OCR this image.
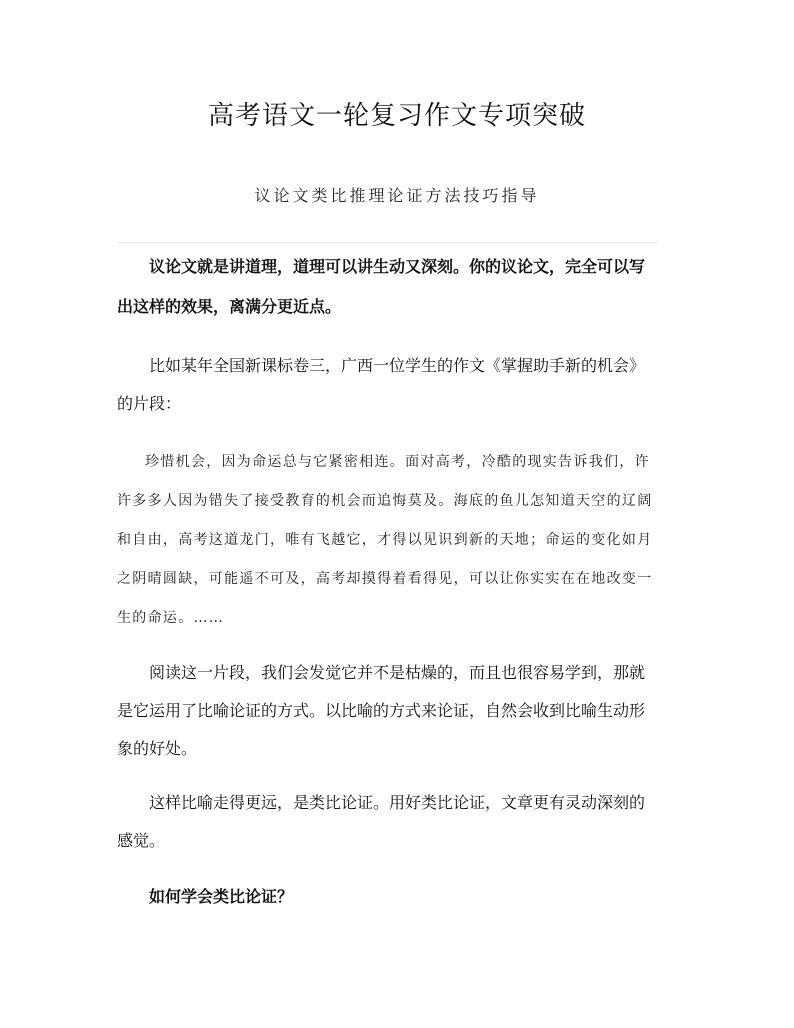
高考语文一轮复习作文专项突破
议论文类比推理论证方法技巧指导

议论文就是讲道理，道理可以讲生动又深刻。你的议论文，完全可以写出这样的效果，离满分更近点。

比如某年全国新课标卷三，广西一位学生的作文《掌握助手新的机会》的片段：

珍惜机会，因为命运总与它紧密相连。面对高考，冷酷的现实告诉我们，许许多多人因为错失了接受教育的机会而追悔莫及。海底的鱼儿怎知道天空的辽阔和自由，高考这道龙门，唯有飞越它，才得以见识到新的天地；命运的变化如月之阴晴圆缺，可能遥不可及，高考却摸得着看得见，可以让你实实在在地改变一生的命运。……

阅读这一片段，我们会发觉它并不是枯燥的，而且也很容易学到，那就是它运用了比喻论证的方式。以比喻的方式来论证，自然会收到比喻生动形象的好处。

这样比喻走得更远，是类比论证。用好类比论证，文章更有灵动深刻的感觉。

如何学会类比论证？
